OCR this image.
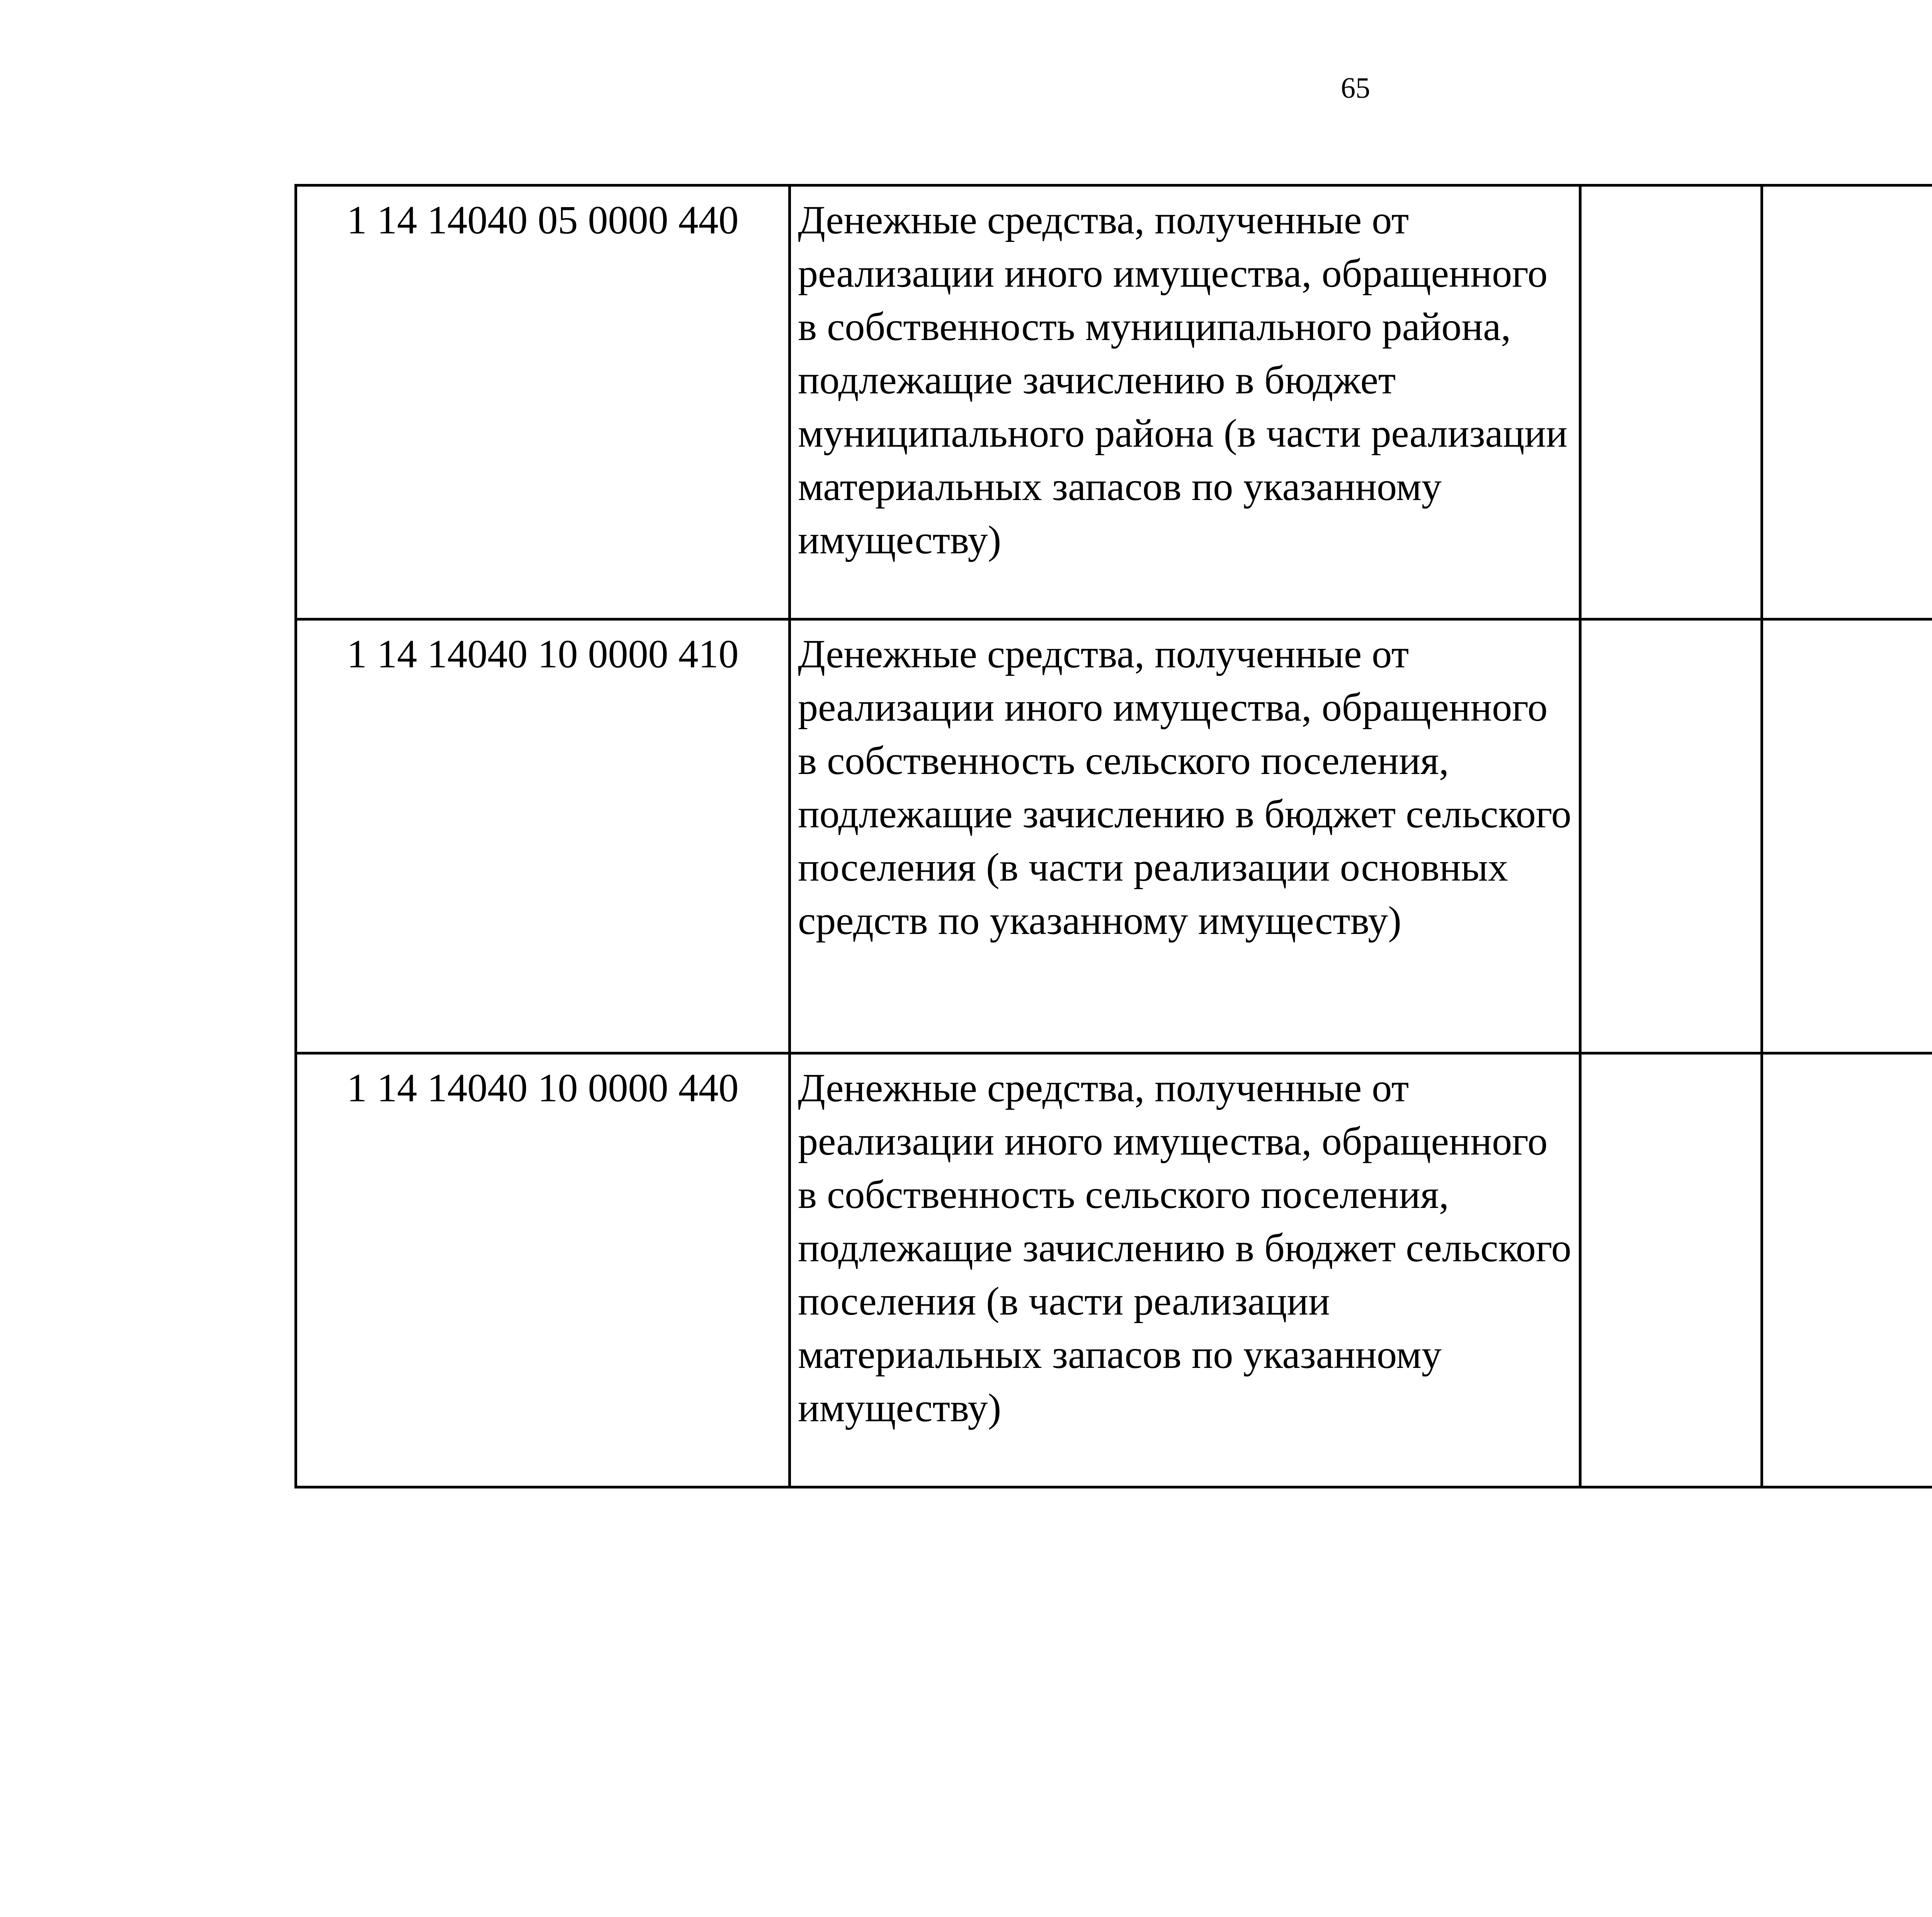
65
1 14 14040 05 0000 440	Денежные средства, полученные от реализации иного имущества, обращенного в собственность муниципального района, подлежащие зачислению в бюджет муниципального района (в части реализации материальных запасов по указанному имуществу)					
1 14 14040 10 0000 410	Денежные средства, полученные от реализации иного имущества, обращенного в собственность сельского поселения, подлежащие зачислению в бюджет сельского поселения (в части реализации основных средств по указанному имуществу)					
1 14 14040 10 0000 440	Денежные средства, полученные от реализации иного имущества, обращенного в собственность сельского поселения, подлежащие зачислению в бюджет сельского поселения (в части реализации материальных запасов по указанному имуществу)					
